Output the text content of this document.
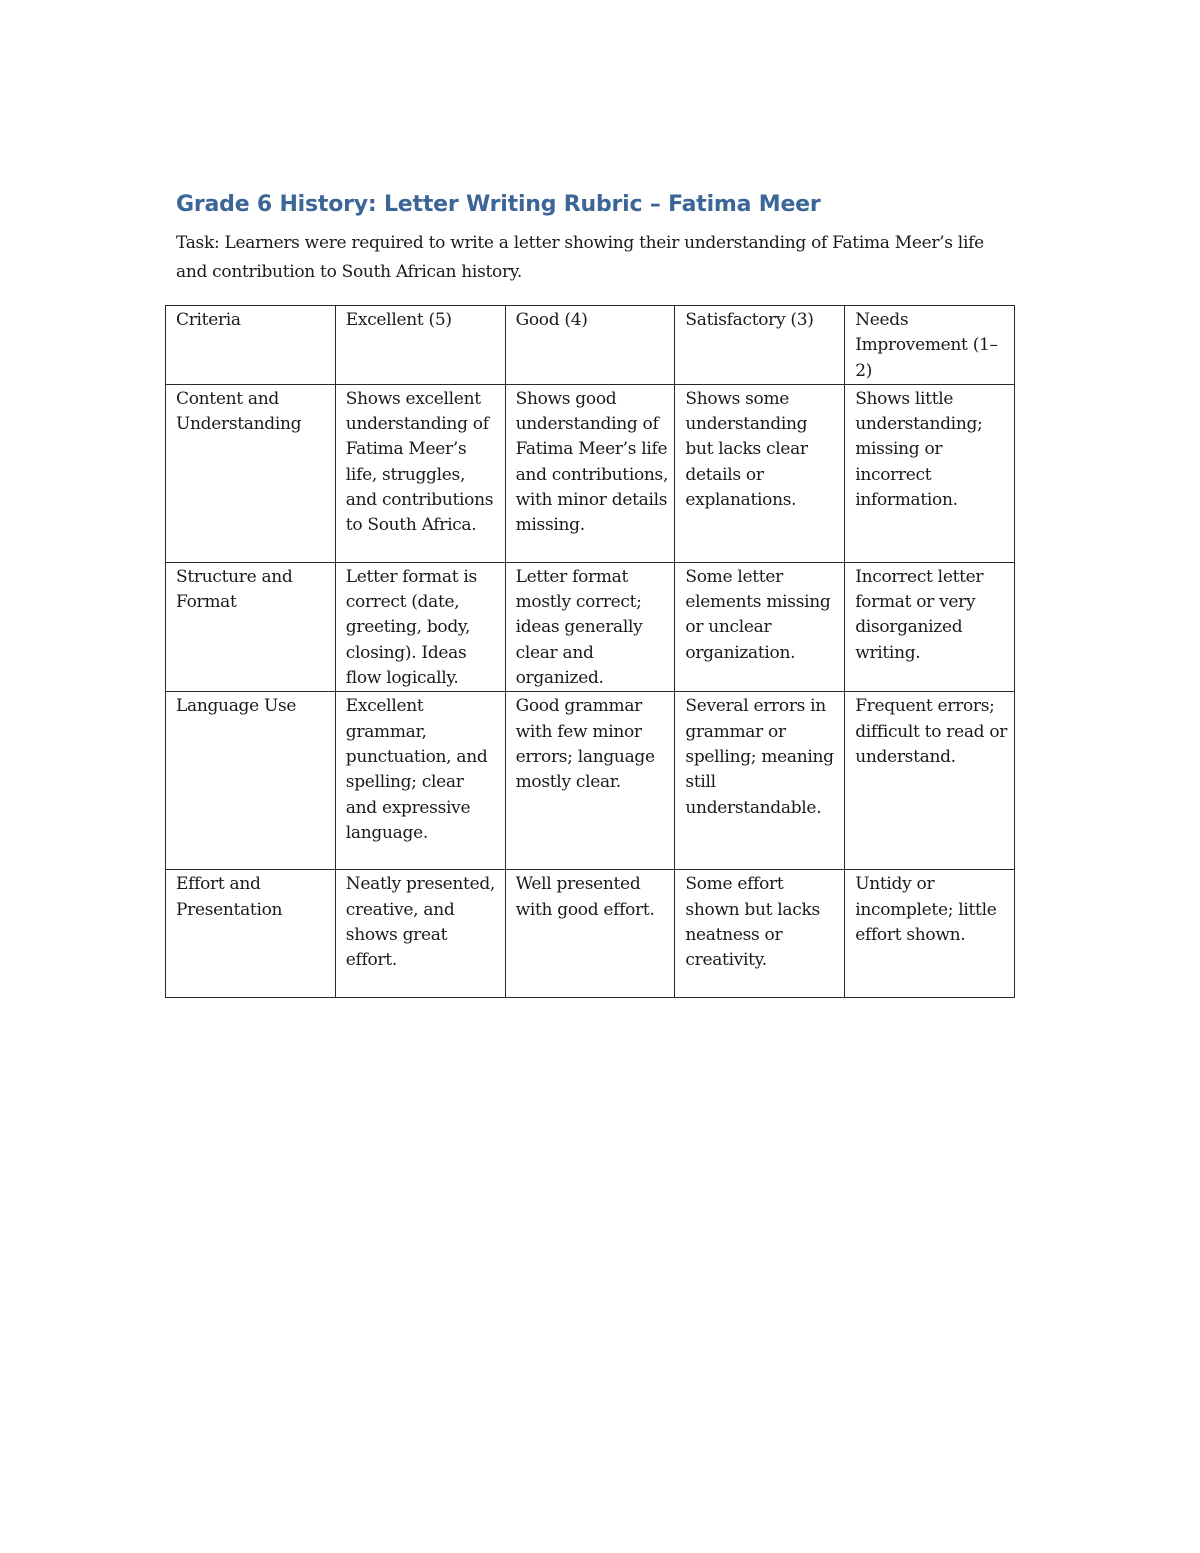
Grade 6 History: Letter Writing Rubric – Fatima Meer
Task: Learners were required to write a letter showing their understanding of Fatima Meer’s life and contribution to South African history.
Criteria	Excellent (5)	Good (4)	Satisfactory (3)	Needs Improvement (1–2)
Content and Understanding	Shows excellent understanding of Fatima Meer’s life, struggles, and contributions to South Africa.	Shows good understanding of Fatima Meer’s life and contributions, with minor details missing.	Shows some understanding but lacks clear details or explanations.	Shows little understanding; missing or incorrect information.
Structure and Format	Letter format is correct (date, greeting, body, closing). Ideas flow logically.	Letter format mostly correct; ideas generally clear and organized.	Some letter elements missing or unclear organization.	Incorrect letter format or very disorganized writing.
Language Use	Excellent grammar, punctuation, and spelling; clear and expressive language.	Good grammar with few minor errors; language mostly clear.	Several errors in grammar or spelling; meaning still understandable.	Frequent errors; difficult to read or understand.
Effort and Presentation	Neatly presented, creative, and shows great effort.	Well presented with good effort.	Some effort shown but lacks neatness or creativity.	Untidy or incomplete; little effort shown.
